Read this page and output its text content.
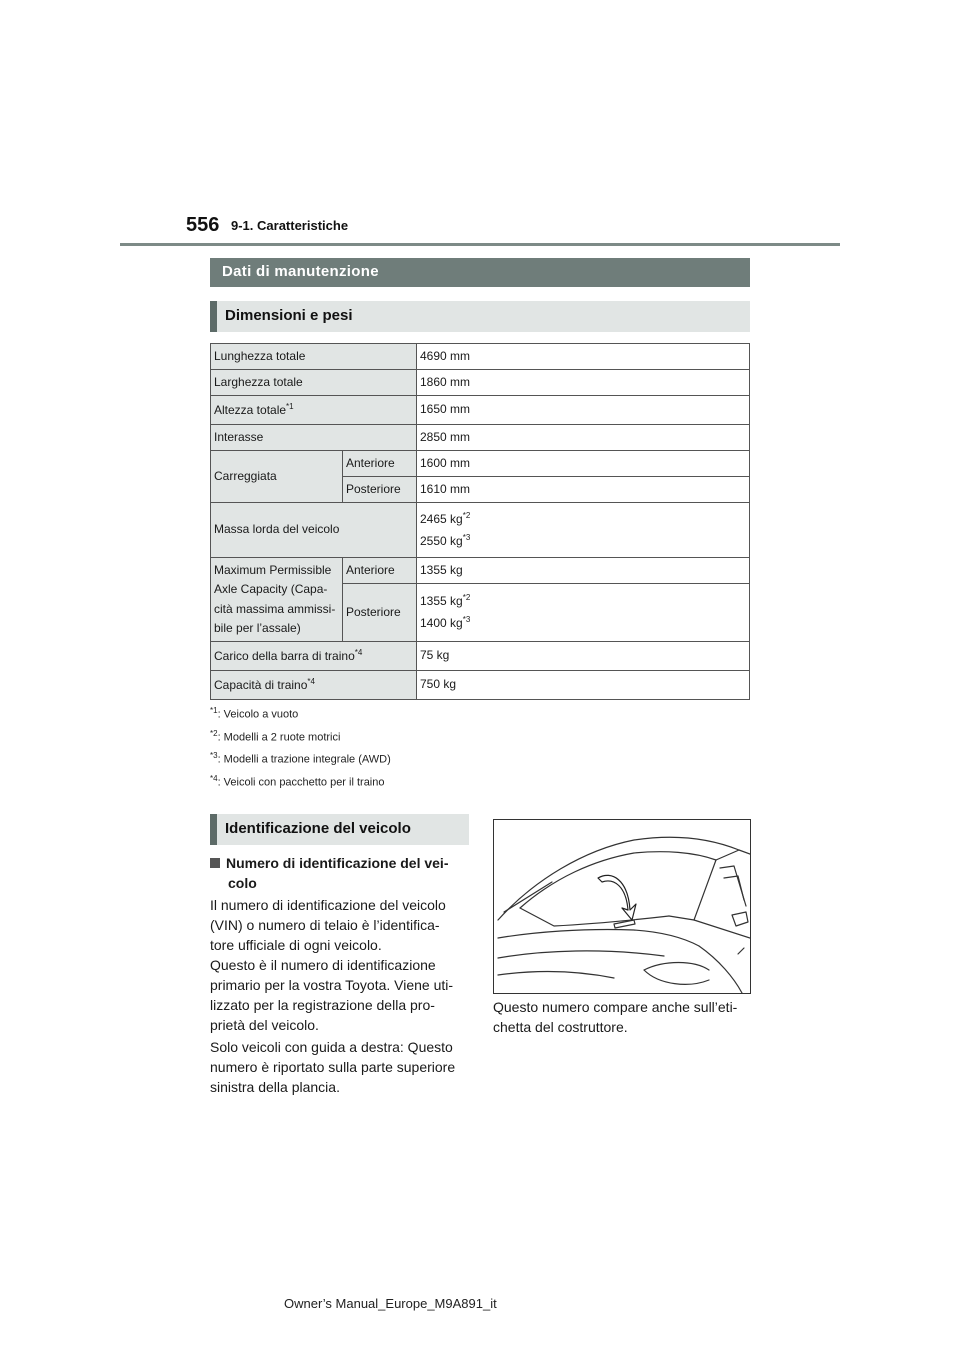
556 9-1. Caratteristiche
Dati di manutenzione
Dimensioni e pesi
Lunghezza totale		4690 mm
Larghezza totale		1860 mm
Altezza totale$^{*1}$		1650 mm
Interasse		2850 mm
Carreggiata	Anteriore	1600 mm
	Posteriore	1610 mm
Massa lorda del veicolo		2465 $kg^{*2}$
2550 $kg^{*3}$

Maximum Permissible
Axle Capacity (Capa-
cità massima ammissi-
bile per l’assale)	Anteriore	1355 kg
	Posteriore	1355 $kg^{*2}$
1400 $kg^{*3}$

Carico della barra di traino$^{*4}$		75 kg
Capacità di traino$^{*4}$		750 kg
$^{*1}$: Veicolo a vuoto
$^{*2}$: Modelli a 2 ruote motrici
$^{*3}$: Modelli a trazione integrale (AWD)
$^{*4}$: Veicoli con pacchetto per il traino
Identificazione del veicolo
Numero di identificazione del vei-
colo
Il numero di identificazione del veicolo
(VIN) o numero di telaio è l’identifica-
tore ufficiale di ogni veicolo.
Questo è il numero di identificazione
primario per la vostra Toyota. Viene uti-
lizzato per la registrazione della pro-
prietà del veicolo.
Solo veicoli con guida a destra: Questo
numero è riportato sulla parte superiore
sinistra della plancia.
Questo numero compare anche sull’eti-
chetta del costruttore.
Owner’s Manual_Europe_M9A891_it
